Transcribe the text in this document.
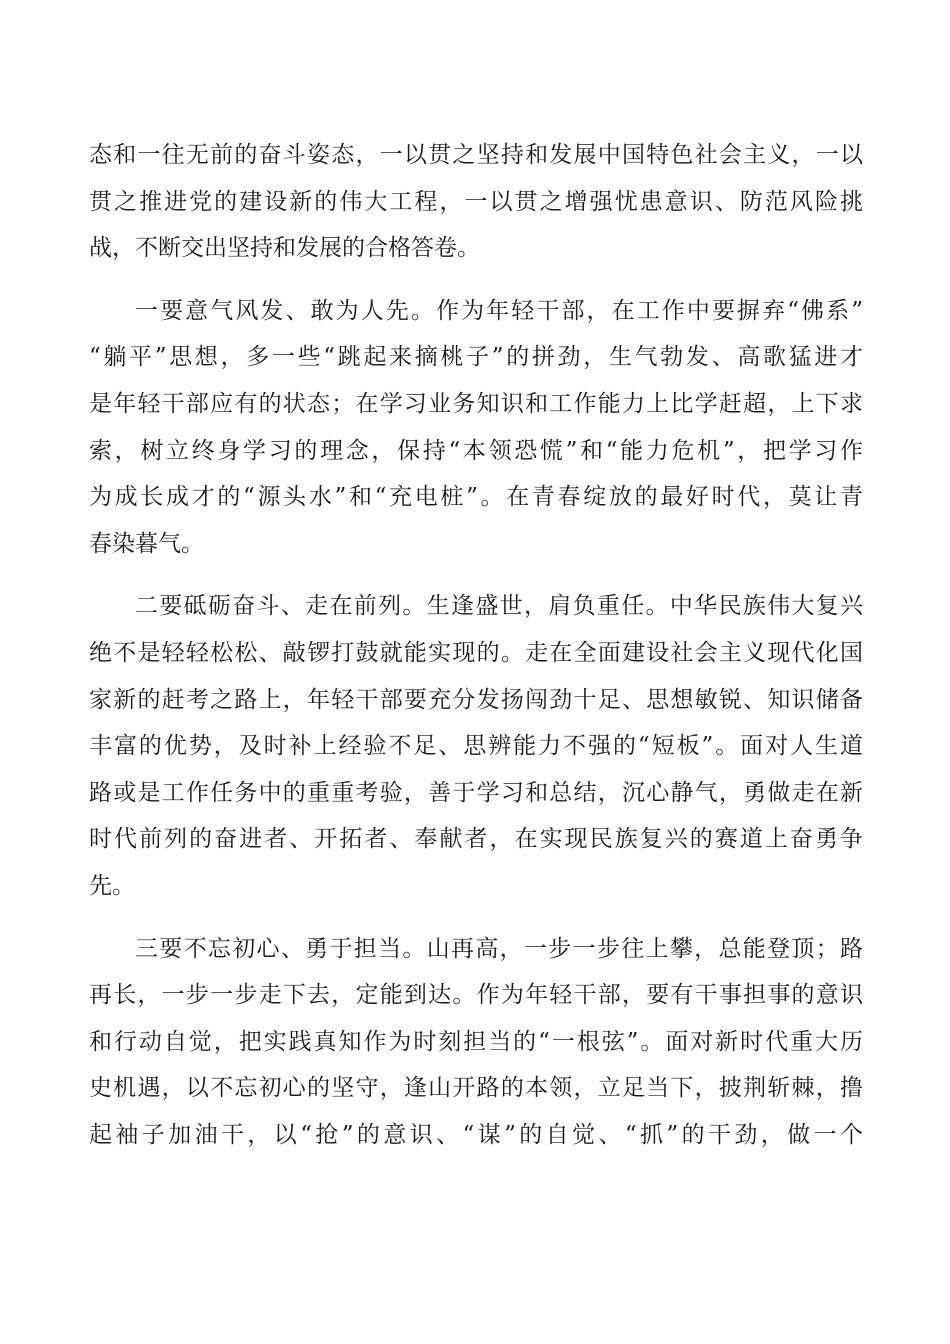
态和一往无前的奋斗姿态，一以贯之坚持和发展中国特色社会主义，一以
贯之推进党的建设新的伟大工程，一以贯之增强忧患意识、防范风险挑
战，不断交出坚持和发展的合格答卷。
一要意气风发、敢为人先。作为年轻干部，在工作中要摒弃“佛系”
“躺平”思想，多一些“跳起来摘桃子”的拼劲，生气勃发、高歌猛进才
是年轻干部应有的状态；在学习业务知识和工作能力上比学赶超，上下求
索，树立终身学习的理念，保持“本领恐慌”和“能力危机”，把学习作
为成长成才的“源头水”和“充电桩”。在青春绽放的最好时代，莫让青
春染暮气。
二要砥砺奋斗、走在前列。生逢盛世，肩负重任。中华民族伟大复兴
绝不是轻轻松松、敲锣打鼓就能实现的。走在全面建设社会主义现代化国
家新的赶考之路上，年轻干部要充分发扬闯劲十足、思想敏锐、知识储备
丰富的优势，及时补上经验不足、思辨能力不强的“短板”。面对人生道
路或是工作任务中的重重考验，善于学习和总结，沉心静气，勇做走在新
时代前列的奋进者、开拓者、奉献者，在实现民族复兴的赛道上奋勇争
先。
三要不忘初心、勇于担当。山再高，一步一步往上攀，总能登顶；路
再长，一步一步走下去，定能到达。作为年轻干部，要有干事担事的意识
和行动自觉，把实践真知作为时刻担当的“一根弦”。面对新时代重大历
史机遇，以不忘初心的坚守，逢山开路的本领，立足当下，披荆斩棘，撸
起袖子加油干，以“抢”的意识、“谋”的自觉、“抓”的干劲，做一个
